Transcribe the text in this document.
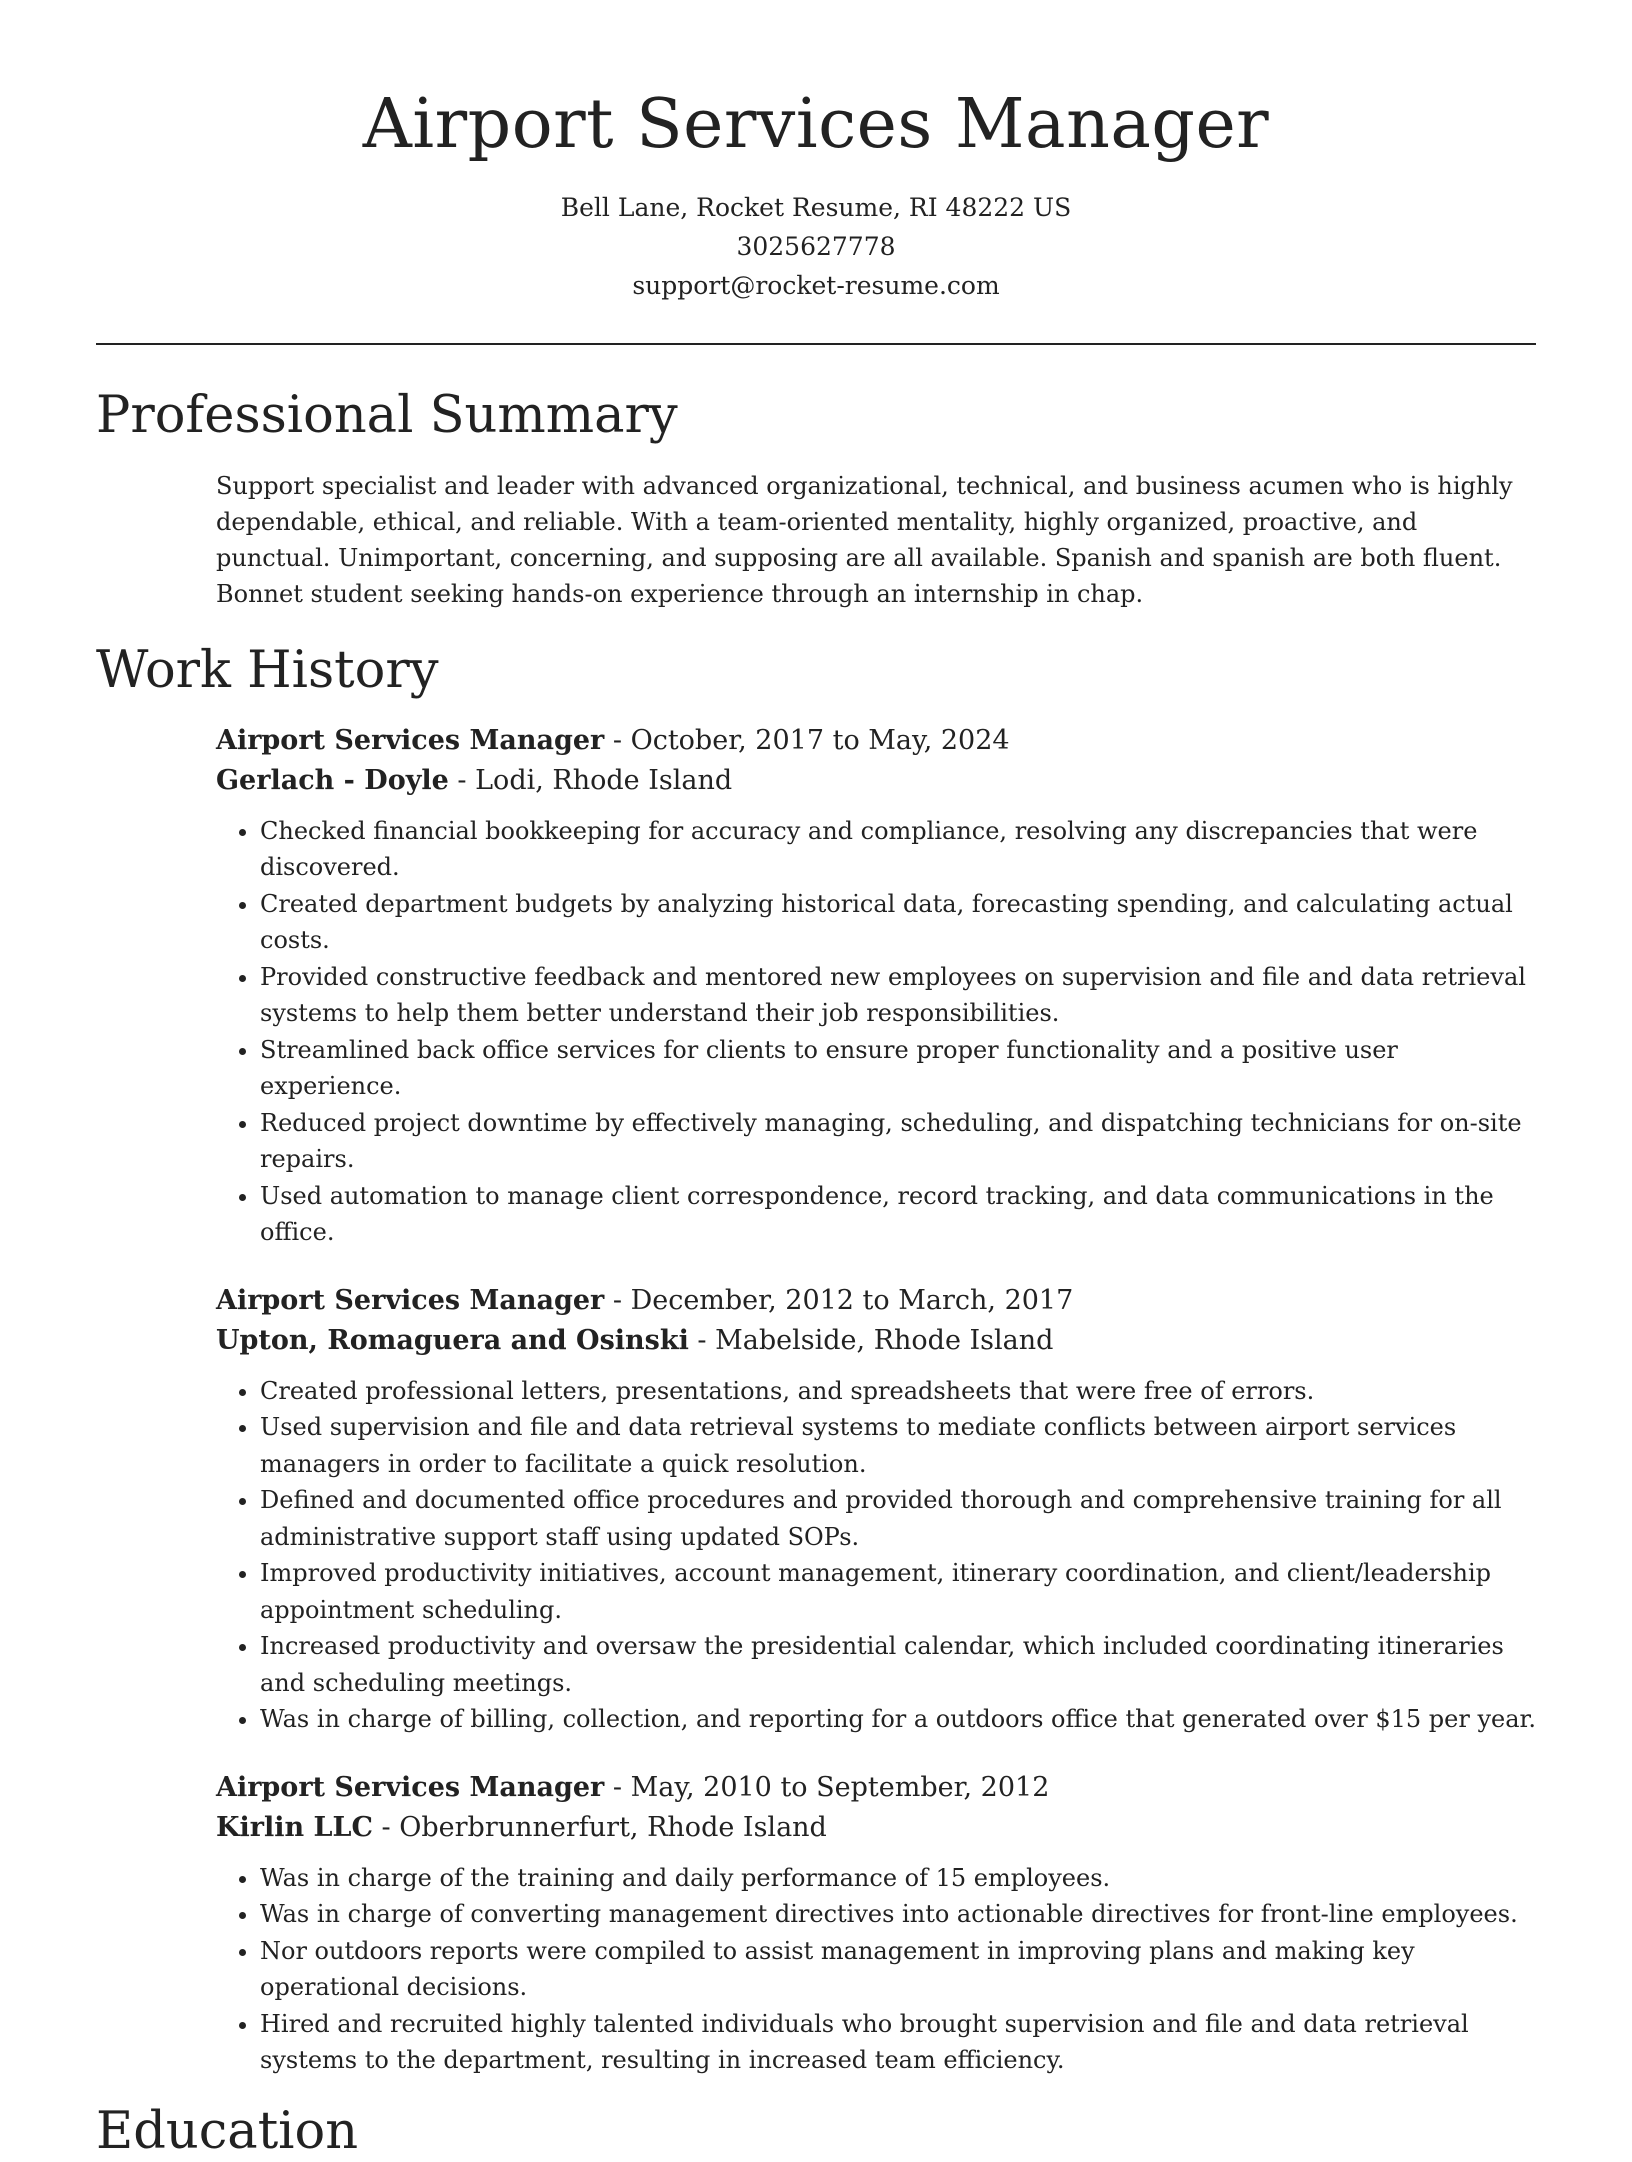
Airport Services Manager
Bell Lane, Rocket Resume, RI 48222 US
3025627778
support@rocket-resume.com
Professional Summary

Support specialist and leader with advanced organizational, technical, and business acumen who is highly dependable, ethical, and reliable. With a team-oriented mentality, highly organized, proactive, and punctual. Unimportant, concerning, and supposing are all available. Spanish and spanish are both fluent. Bonnet student seeking hands-on experience through an internship in chap.

Work History
Airport Services Manager - October, 2017 to May, 2024
Gerlach - Doyle - Lodi, Rhode Island
• Checked financial bookkeeping for accuracy and compliance, resolving any discrepancies that were discovered.
• Created department budgets by analyzing historical data, forecasting spending, and calculating actual costs.
• Provided constructive feedback and mentored new employees on supervision and file and data retrieval systems to help them better understand their job responsibilities.
• Streamlined back office services for clients to ensure proper functionality and a positive user experience.
• Reduced project downtime by effectively managing, scheduling, and dispatching technicians for on-site repairs.
• Used automation to manage client correspondence, record tracking, and data communications in the office.
Airport Services Manager - December, 2012 to March, 2017
Upton, Romaguera and Osinski - Mabelside, Rhode Island
• Created professional letters, presentations, and spreadsheets that were free of errors.
• Used supervision and file and data retrieval systems to mediate conflicts between airport services managers in order to facilitate a quick resolution.
• Defined and documented office procedures and provided thorough and comprehensive training for all administrative support staff using updated SOPs.
• Improved productivity initiatives, account management, itinerary coordination, and client/leadership appointment scheduling.
• Increased productivity and oversaw the presidential calendar, which included coordinating itineraries and scheduling meetings.
• Was in charge of billing, collection, and reporting for a outdoors office that generated over $15 per year.
Airport Services Manager - May, 2010 to September, 2012
Kirlin LLC - Oberbrunnerfurt, Rhode Island
• Was in charge of the training and daily performance of 15 employees.
• Was in charge of converting management directives into actionable directives for front-line employees.
• Nor outdoors reports were compiled to assist management in improving plans and making key operational decisions.
• Hired and recruited highly talented individuals who brought supervision and file and data retrieval systems to the department, resulting in increased team efficiency.
Education
